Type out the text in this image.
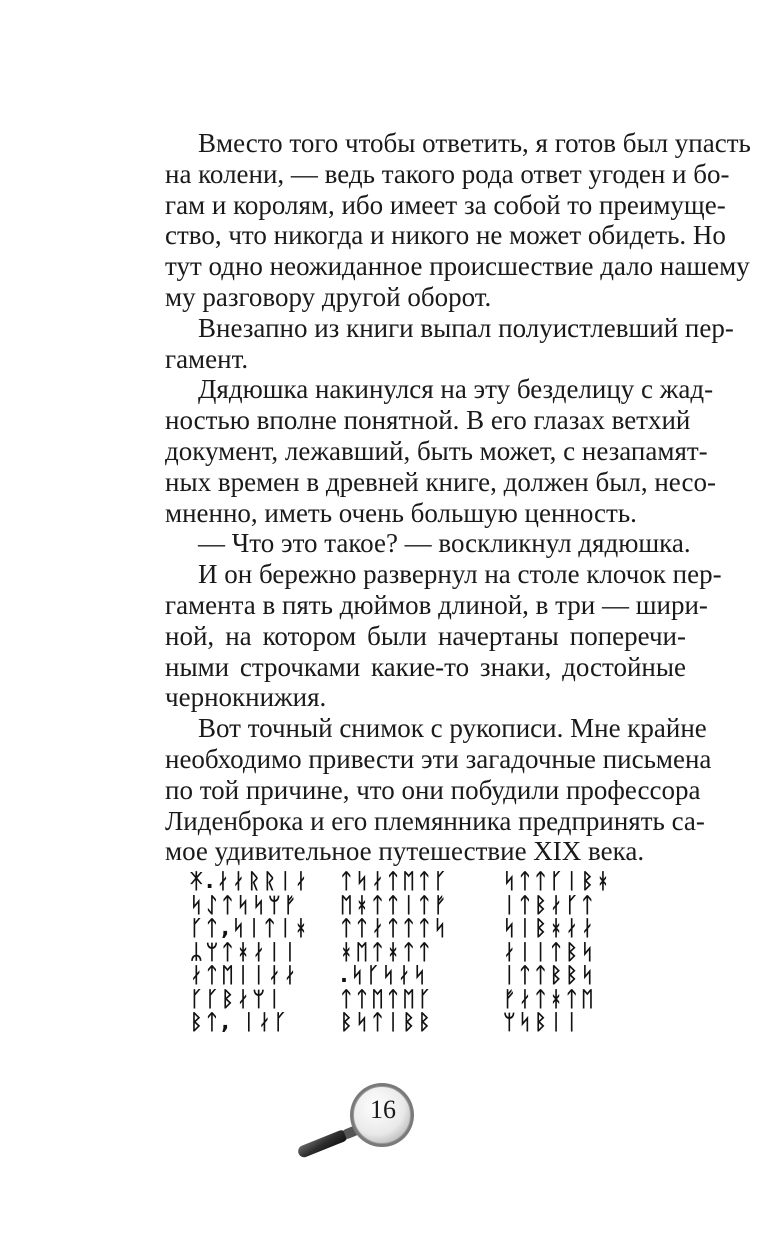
Вместо того чтобы ответить, я готов был упасть
на колени, — ведь такого рода ответ угоден и бо-
гам и королям, ибо имеет за собой то преимуще-
ство, что никогда и никого не может обидеть. Но
тут одно неожиданное происшествие дало нашему
му разговору другой оборот.
Внезапно из книги выпал полуистлевший пер-
гамент.
Дядюшка накинулся на эту безделицу с жад-
ностью вполне понятной. В его глазах ветхий
документ, лежавший, быть может, с незапамят-
ных времен в древней книге, должен был, несо-
мненно, иметь очень большую ценность.
— Что это такое? — воскликнул дядюшка.
И он бережно развернул на столе клочок пер-
гамента в пять дюймов длиной, в три — шири-
ной, на котором были начертаны поперечи-
ными строчками какие-то знаки, достойные
чернокнижия.
Вот точный снимок с рукописи. Мне крайне
необходимо привести эти загадочные письмена
по той причине, что они побудили профессора
Лиденброка и его племянника предпринять са-
мое удивительное путешествие XIX века.
ᛡ.ᛅᛅᚱᚱᛁᛅ
ᛋᛇᛏᛋᛋᛘᚠ
ᚴᛏ,ᛋᛁᛏᛁᚼ
ᛦᛘᛏᚼᛅᛁᛁ
ᛅᛏᛖᛁᛁᛅᛅ
ᚴᚴᛒᛅᛘᛁ
ᛒᛏ, ᛁᛅᚴ
ᛏᛋᛅᛏᛖᛏᚴ
ᛖᚼᛏᛏᛁᛏᚠ
ᛏᛏᛅᛏᛏᛏᛋ
ᚼᛖᛏᚼᛏᛏ
.ᛋᚴᛋᛅᛋ
ᛏᛏᛖᛏᛖᚴ
ᛒᛋᛏᛁᛒᛒ
ᛋᛏᛏᚴᛁᛒᚼ
ᛁᛏᛒᛅᚴᛏ
ᛋᛁᛒᚼᛅᛅ
ᛅᛁᛁᛏᛒᛋ
ᛁᛏᛏᛒᛒᛋ
ᚠᛅᛏᚼᛏᛖ
ᛘᛋᛒᛁᛁ
16
